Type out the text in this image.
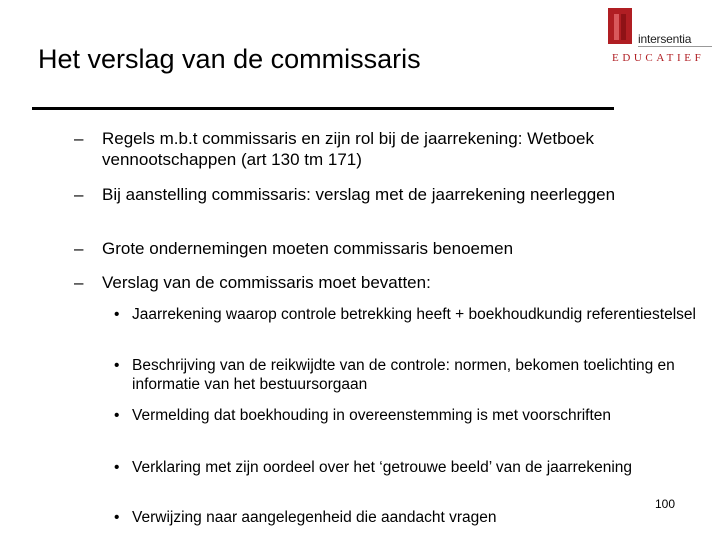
intersentia
EDUCATIEF
Het verslag van de commissaris
–	Regels m.b.t commissaris en zijn rol bij de jaarrekening: Wetboek vennootschappen (art 130 tm 171)
–	Bij aanstelling commissaris: verslag met de jaarrekening neerleggen
–	Grote ondernemingen moeten commissaris benoemen
–	Verslag van de commissaris moet bevatten:
• Jaarrekening waarop controle betrekking heeft + boekhoudkundig referentiestelsel
• Beschrijving van de reikwijdte van de controle: normen, bekomen toelichting en informatie van het bestuursorgaan
• Vermelding dat boekhouding in overeenstemming is met voorschriften
• Verklaring met zijn oordeel over het ‘getrouwe beeld’ van de jaarrekening
• Verwijzing naar aangelegenheid die aandacht vragen
100
